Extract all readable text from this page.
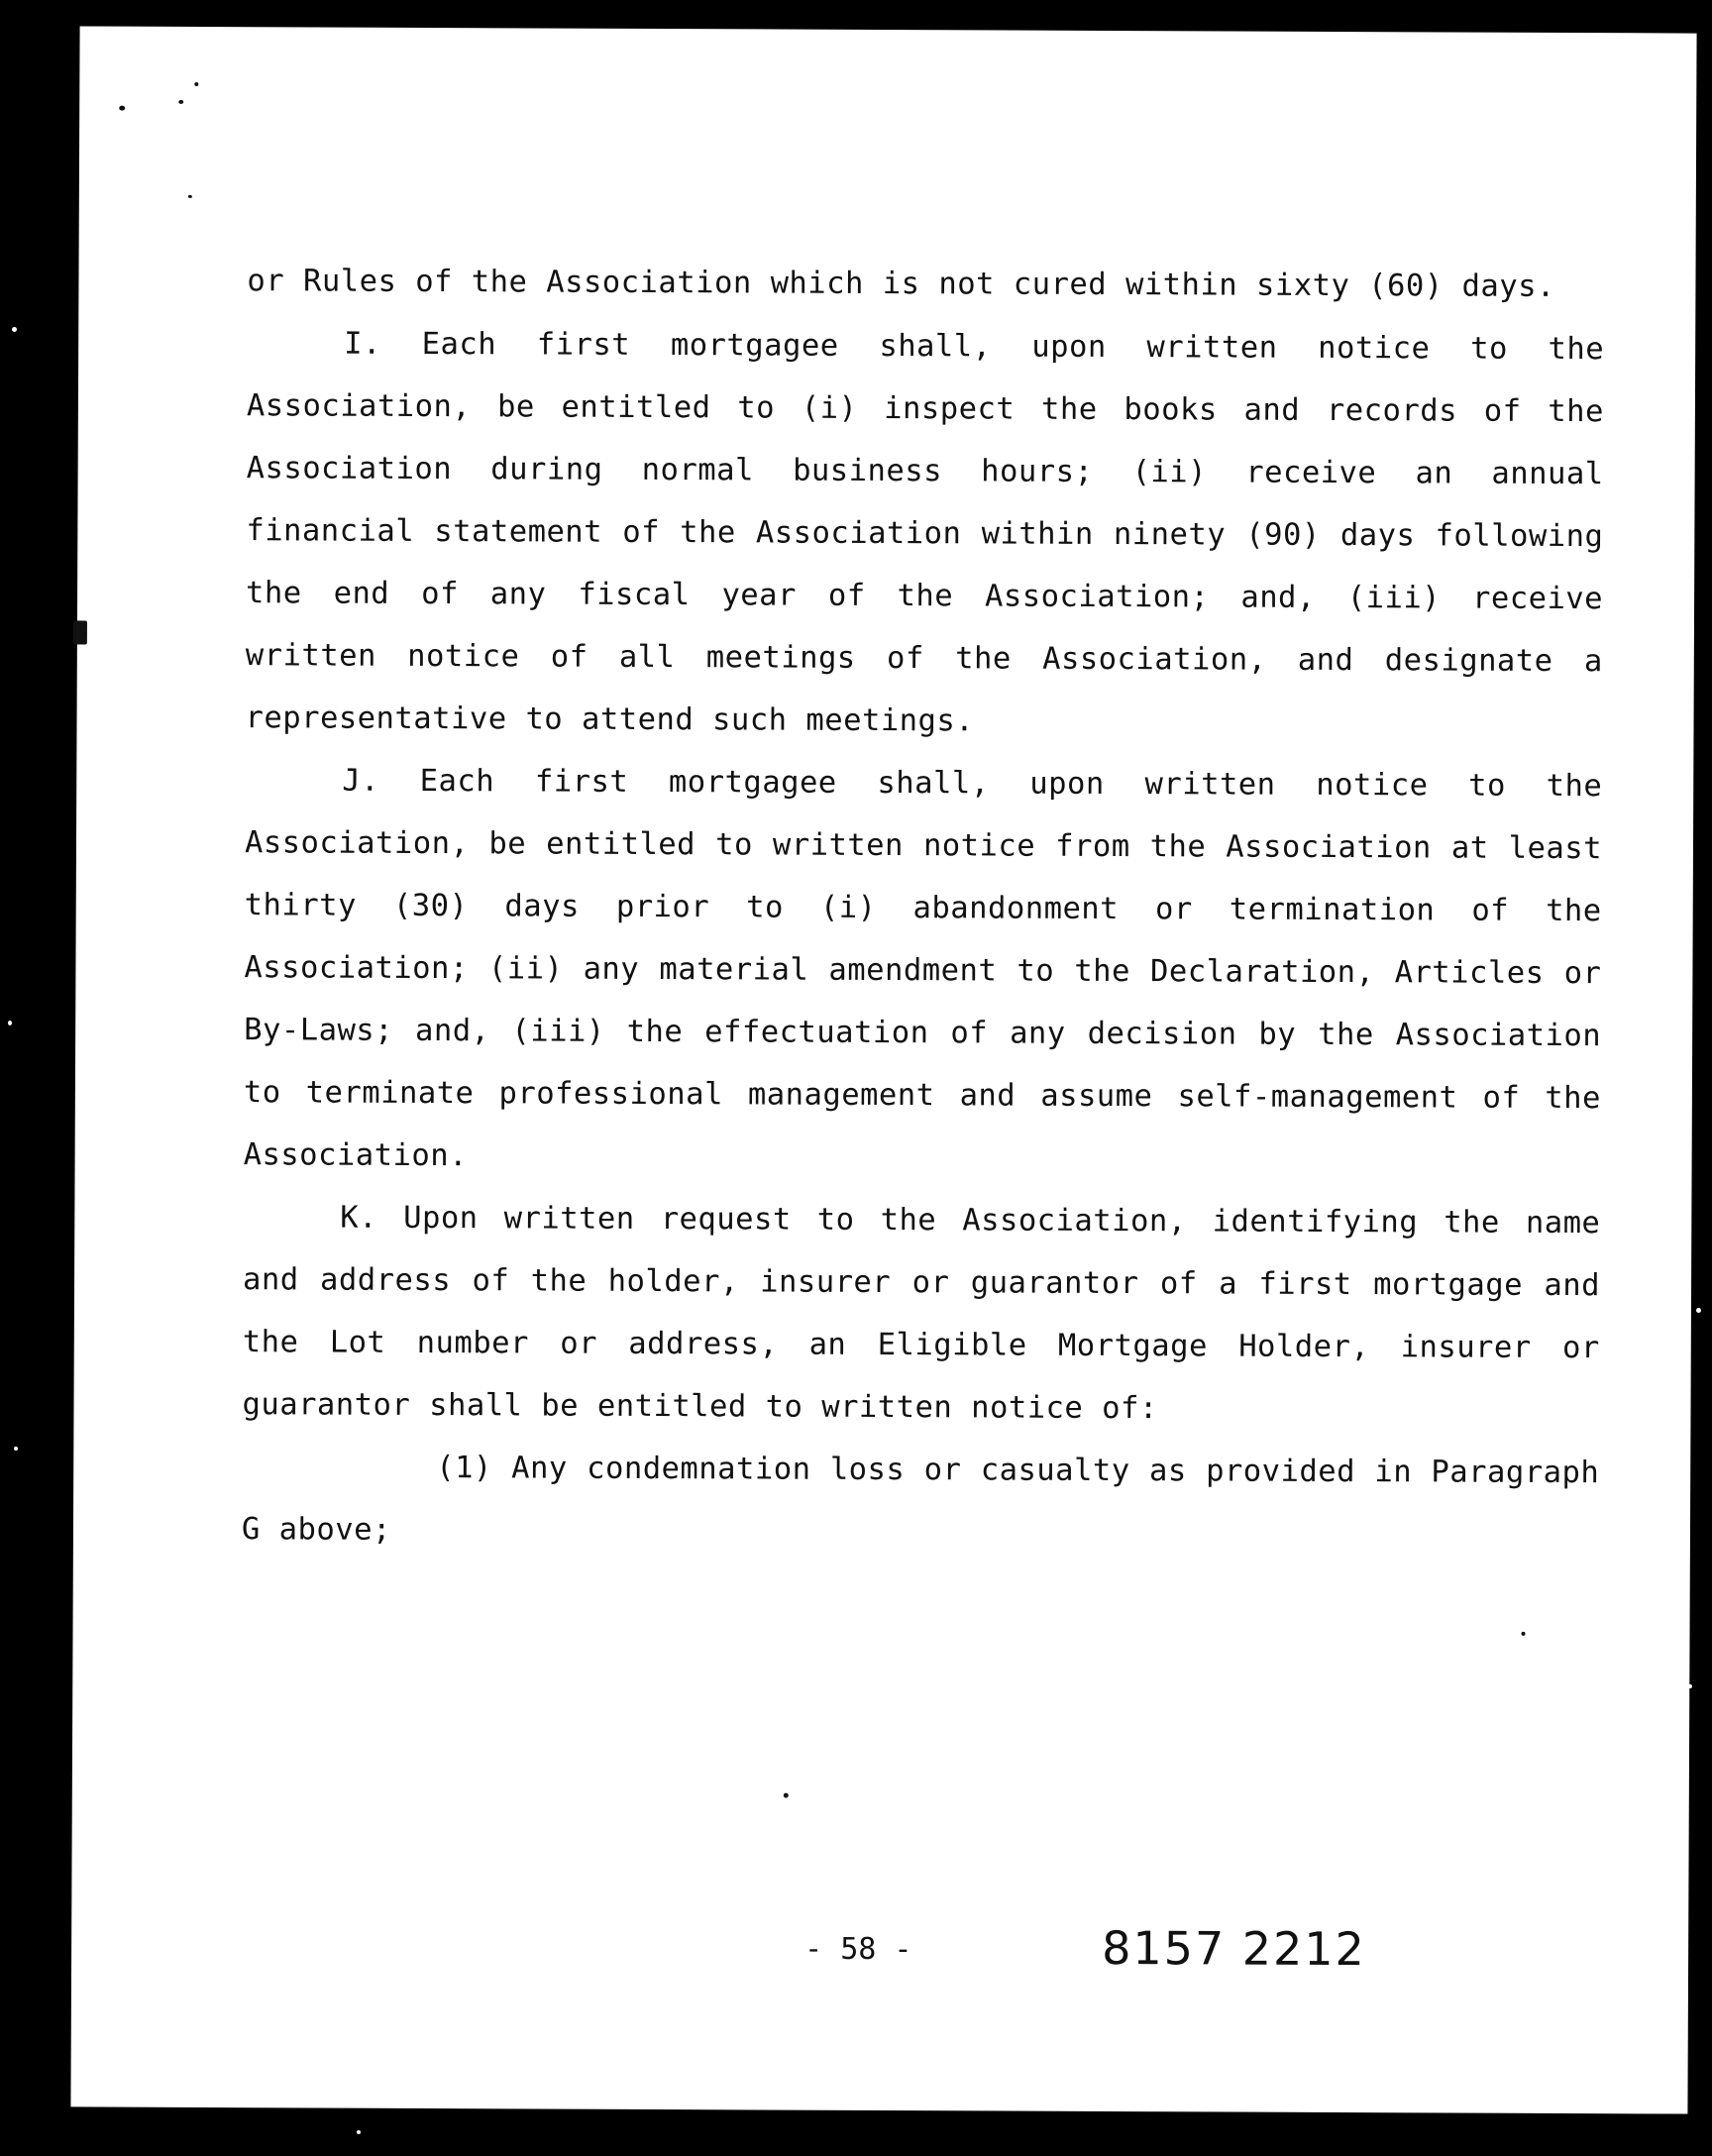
or Rules of the Association which is not cured within sixty (60) days.

I. Each first mortgagee shall, upon written notice to the Association, be entitled to (i) inspect the books and records of the Association during normal business hours; (ii) receive an annual financial statement of the Association within ninety (90) days following the end of any fiscal year of the Association; and, (iii) receive written notice of all meetings of the Association, and designate a representative to attend such meetings.

J. Each first mortgagee shall, upon written notice to the Association, be entitled to written notice from the Association at least thirty (30) days prior to (i) abandonment or termination of the Association; (ii) any material amendment to the Declaration, Articles or By-Laws; and, (iii) the effectuation of any decision by the Association to terminate professional management and assume self-management of the Association.

K. Upon written request to the Association, identifying the name and address of the holder, insurer or guarantor of a first mortgage and the Lot number or address, an Eligible Mortgage Holder, insurer or guarantor shall be entitled to written notice of:

(1) Any condemnation loss or casualty as provided in Paragraph G above;

- 58 -	8157 2212
